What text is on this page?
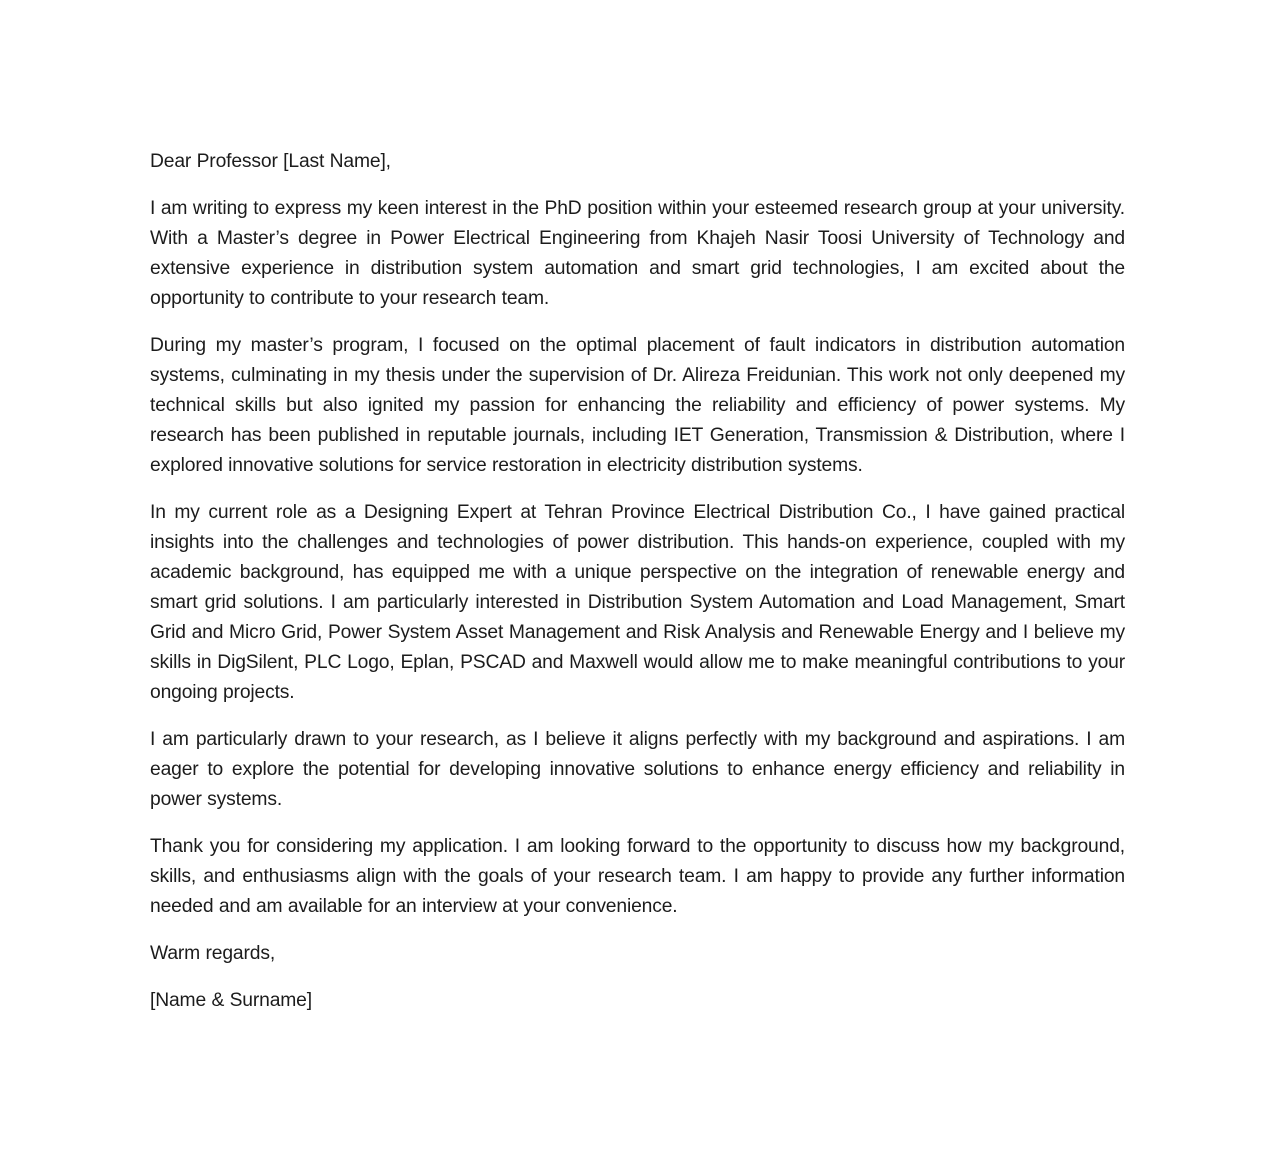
Dear Professor [Last Name],

I am writing to express my keen interest in the PhD position within your esteemed research group at your university. With a Master’s degree in Power Electrical Engineering from Khajeh Nasir Toosi University of Technology and extensive experience in distribution system automation and smart grid technologies, I am excited about the opportunity to contribute to your research team.

During my master’s program, I focused on the optimal placement of fault indicators in distribution automation systems, culminating in my thesis under the supervision of Dr. Alireza Freidunian. This work not only deepened my technical skills but also ignited my passion for enhancing the reliability and efficiency of power systems. My research has been published in reputable journals, including IET Generation, Transmission & Distribution, where I explored innovative solutions for service restoration in electricity distribution systems.

In my current role as a Designing Expert at Tehran Province Electrical Distribution Co., I have gained practical insights into the challenges and technologies of power distribution. This hands-on experience, coupled with my academic background, has equipped me with a unique perspective on the integration of renewable energy and smart grid solutions. I am particularly interested in Distribution System Automation and Load Management, Smart Grid and Micro Grid, Power System Asset Management and Risk Analysis and Renewable Energy and I believe my skills in DigSilent, PLC Logo, Eplan, PSCAD and Maxwell would allow me to make meaningful contributions to your ongoing projects.

I am particularly drawn to your research, as I believe it aligns perfectly with my background and aspirations. I am eager to explore the potential for developing innovative solutions to enhance energy efficiency and reliability in power systems.

Thank you for considering my application. I am looking forward to the opportunity to discuss how my background, skills, and enthusiasms align with the goals of your research team. I am happy to provide any further information needed and am available for an interview at your convenience.

Warm regards,

[Name & Surname]
